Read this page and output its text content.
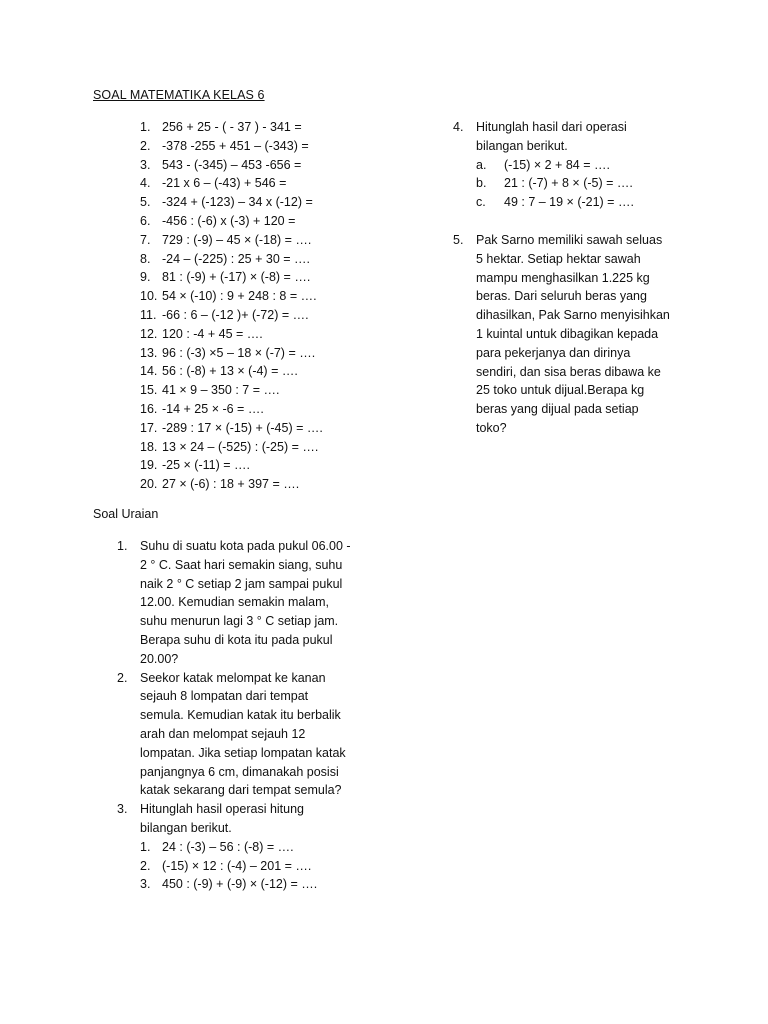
SOAL MATEMATIKA KELAS 6
1. 256 + 25 - ( - 37 ) - 341 =
2. -378 -255 + 451 – (-343) =
3. 543 - (-345) – 453 -656 =
4. -21 x 6 – (-43) + 546 =
5. -324 + (-123) – 34 x (-12) =
6. -456 : (-6) x (-3) + 120 =
7. 729 : (-9) – 45 × (-18) = ….
8. -24 – (-225) : 25 + 30 = ….
9. 81 : (-9) + (-17) × (-8) = ….
10. 54 × (-10) : 9 + 248 : 8 = ….
11. -66 : 6 – (-12 )+ (-72) = ….
12. 120 : -4 + 45 = ….
13. 96 : (-3) ×5 – 18 × (-7) = ….
14. 56 : (-8) + 13 × (-4) = ….
15. 41 × 9 – 350 : 7 = ….
16. -14 + 25 × -6 = ….
17. -289 : 17 × (-15) + (-45) = ….
18. 13 × 24 – (-525) : (-25) = ….
19. -25 × (-11) = ….
20. 27 × (-6) : 18 + 397 = ….
Soal Uraian
1. Suhu di suatu kota pada pukul 06.00 -
2 ° C. Saat hari semakin siang, suhu
naik 2 ° C setiap 2 jam sampai pukul
12.00. Kemudian semakin malam,
suhu menurun lagi 3 ° C setiap jam.
Berapa suhu di kota itu pada pukul
20.00?
2. Seekor katak melompat ke kanan
sejauh 8 lompatan dari tempat
semula. Kemudian katak itu berbalik
arah dan melompat sejauh 12
lompatan. Jika setiap lompatan katak
panjangnya 6 cm, dimanakah posisi
katak sekarang dari tempat semula?
3. Hitunglah hasil operasi hitung
bilangan berikut.
1. 24 : (-3) – 56 : (-8) = ….
2. (-15) × 12 : (-4) – 201 = ….
3. 450 : (-9) + (-9) × (-12) = ….
4. Hitunglah hasil dari operasi
bilangan berikut.
a. (-15) × 2 + 84 = ….
b. 21 : (-7) + 8 × (-5) = ….
c. 49 : 7 – 19 × (-21) = ….
5. Pak Sarno memiliki sawah seluas
5 hektar. Setiap hektar sawah
mampu menghasilkan 1.225 kg
beras. Dari seluruh beras yang
dihasilkan, Pak Sarno menyisihkan
1 kuintal untuk dibagikan kepada
para pekerjanya dan dirinya
sendiri, dan sisa beras dibawa ke
25 toko untuk dijual.Berapa kg
beras yang dijual pada setiap
toko?
